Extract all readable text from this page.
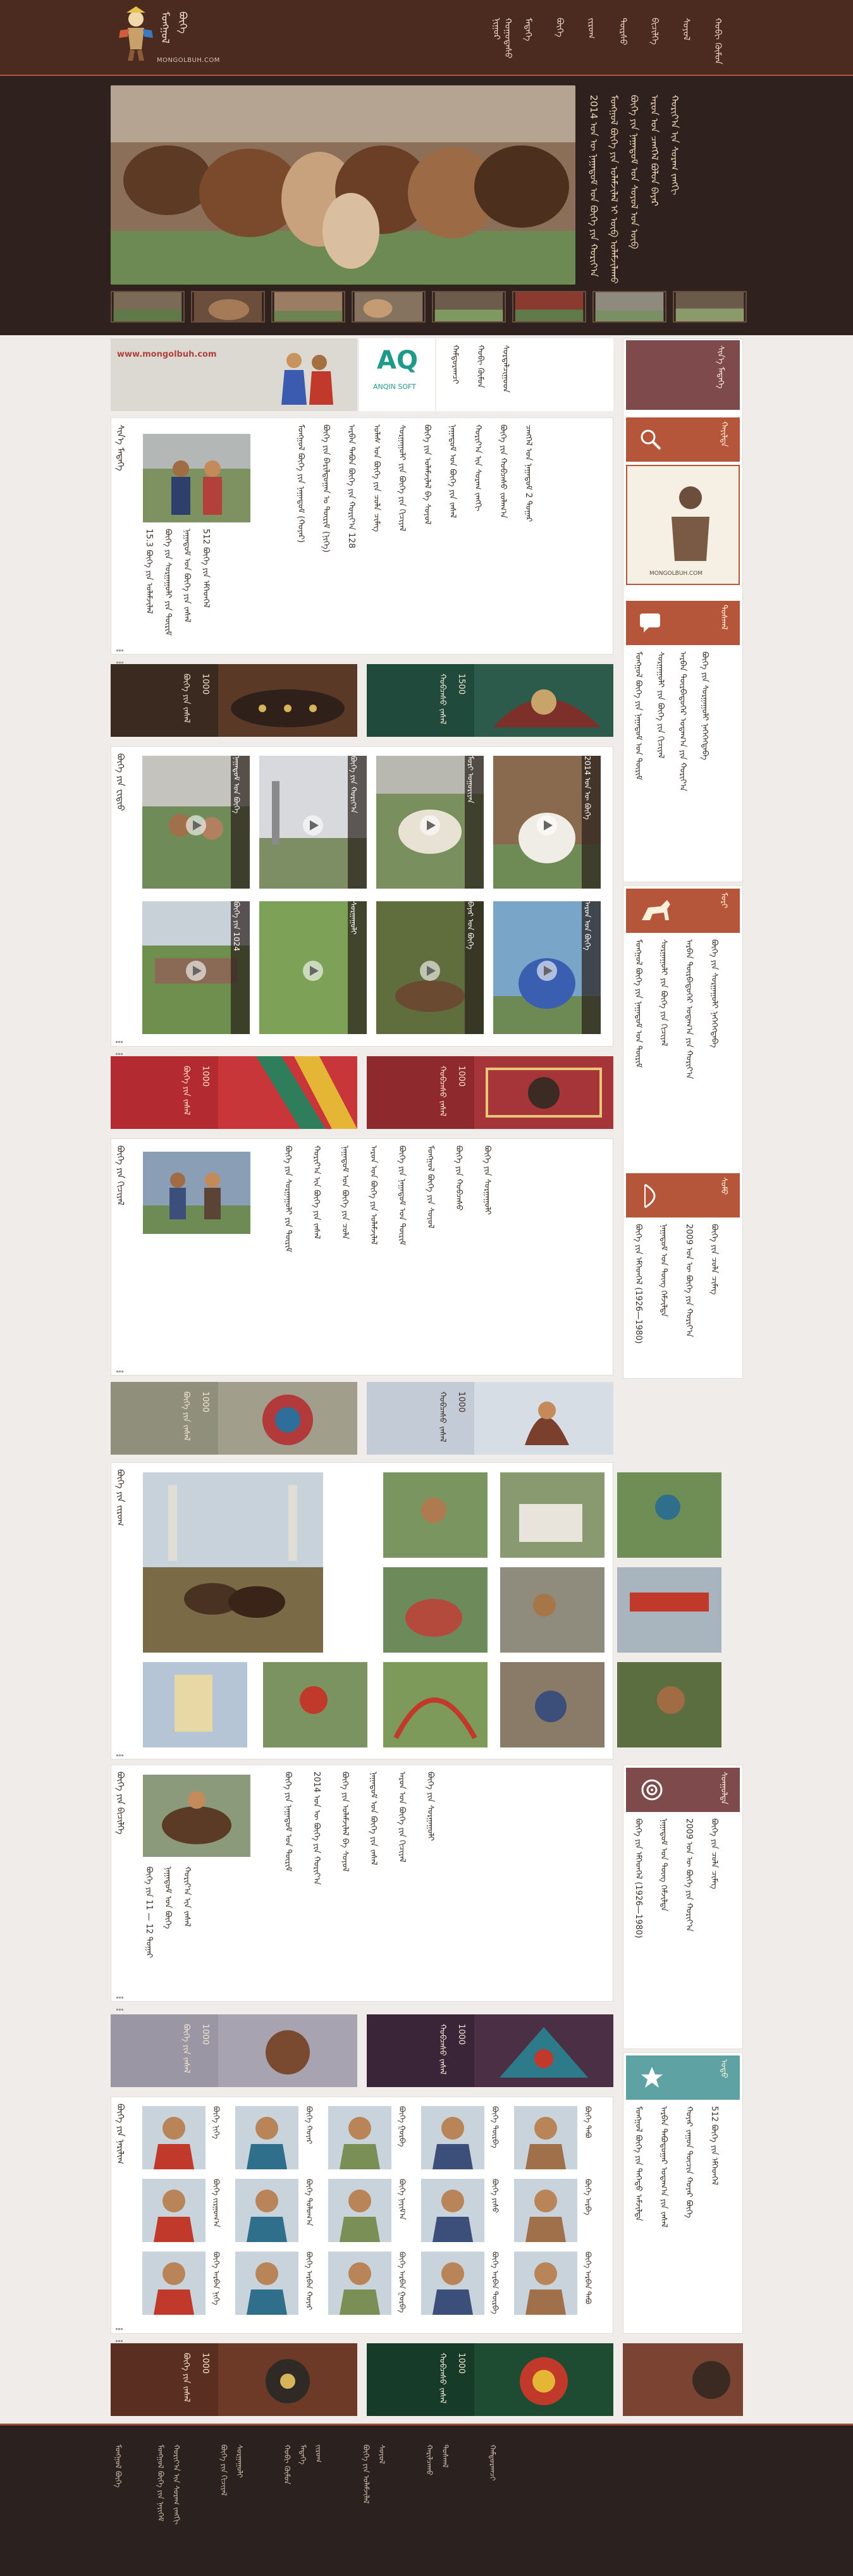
ᠮᠣᠩᠭᠣᠯ ᠪᠦᠬᠡ
MONGOLBUH.COM
ᠨᠢᠭᠤᠷ ᠬᠤᠭᠤᠳᠠᠰᠤ ᠮᠡᠳᠡᠭᠡ ᠪᠦᠬᠡ ᠵᠢᠷᠤᠭ ᠳᠦᠷᠰᠦ ᠪᠢᠴᠢᠯᠭᠡ ᠰᠤᠶᠤᠯ ᠬᠤᠪᠢ ᠬᠥᠮᠦᠨ
2014 ᠤᠨ ᠦ ᠨᠠᠭᠠᠳᠤᠮ ᠤᠨ ᠪᠦᠬᠡ ᠶᠢᠨ ᠬᠤᠷᠢᠶ᠎ᠠ ᠮᠣᠩᠭᠣᠯ ᠪᠦᠬᠡ ᠶᠢᠨ ᠤᠯᠠᠮᠵᠢᠯᠠᠯ ᠢ ᠥᠪ ᠤᠯᠠᠮᠵᠢᠯᠠᠬᠤ ᠪᠦᠬᠡ ᠶᠢᠨ ᠨᠠᠭᠠᠳᠤᠮ ᠤᠨ ᠰᠤᠶᠤᠯ ᠤᠨ ᠥᠪ ᠠᠷᠳ ᠤᠨ ᠴᠡᠩᠭᠡᠯ ᠪᠣᠯᠤᠨ ᠪᠠᠶᠠᠷ ᠬᠣᠷᠢᠶ᠎ᠠ ᠢᠨ ᠰᠤᠷᠠᠭ ᠵᠠᠩᠭᠢ
www.mongolbuh.com	AQ
ANQIN SOFT
ᠬᠠᠮᠲᠤᠷᠠᠭᠴᠢ ᠬᠤᠪᠢ ᠬᠥᠮᠦᠨ ᠰᠤᠷᠲᠠᠯᠴᠢᠭᠤᠳ
ᠰᠢᠨ᠎ᠡ ᠮᠡᠳᠡᠭᠡ
15.3 ᠪᠦᠬᠡ ᠶᠢᠨ ᠤᠯᠠᠮᠵᠢᠯᠠᠯ ᠪᠦᠬᠡ ᠶᠢᠨ ᠰᠤᠷᠭᠠᠭᠤᠯᠢ ᠶᠢᠨ ᠳᠦᠷᠢᠮ ᠨᠠᠭᠠᠳᠤᠮ ᠤᠨ ᠪᠦᠬᠡ ᠶᠢᠨ ᠵᠠᠰᠠᠯ 512 ᠪᠦᠬᠡ ᠶᠢᠨ ᠡᠮᠬᠡᠳᠬᠡᠯ
ᠮᠣᠩᠭᠣᠯ ᠪᠦᠬᠡ ᠶᠢᠨ ᠨᠠᠭᠠᠳᠤᠮ (ᠬᠣᠶᠠᠷ) ᠪᠦᠬᠡ ᠶᠢᠨ ᠪᠠᠷᠢᠯᠳᠤᠭᠠᠨ ᠤ ᠳᠦᠷᠢᠮ (ᠨᠢᠭᠡ) ᠠᠷᠪᠠᠨ ᠲᠠᠪᠤᠨ ᠪᠦᠬᠡ ᠶᠢᠨ ᠬᠤᠷᠢᠶ᠎ᠠ 128 ᠤᠯᠠᠰ ᠤᠨ ᠪᠦᠬᠡ ᠶᠢᠨ ᠴᠣᠯᠠ ᠴᠢᠮᠡᠭ ᠰᠤᠷᠭᠠᠭᠤᠯᠢ ᠶᠢᠨ ᠪᠦᠬᠡ ᠶᠢᠨ ᠬᠢᠴᠢᠶᠡᠯ ᠪᠦᠬᠡ ᠶᠢᠨ ᠤᠯᠠᠮᠵᠢᠯᠠᠯ ᠪᠠ ᠰᠤᠶᠤᠯ ᠨᠠᠭᠠᠳᠤᠮ ᠤᠨ ᠪᠦᠬᠡ ᠶᠢᠨ ᠵᠠᠰᠠᠯ ᠬᠣᠷᠢᠶ᠎ᠠ ᠢᠨ ᠰᠤᠷᠠᠭ ᠵᠠᠩᠭᠢ ᠪᠦᠬᠡ ᠶᠢᠨ ᠬᠤᠪᠴᠠᠰᠤ ᠵᠤᠯᠠᠭ᠎ᠠ ᠴᠡᠩᠭᠡᠯ ᠤᠨ ᠨᠠᠭᠠᠳᠤᠮ 2 ᠳᠤᠭᠠᠷ
ᠪᠦᠬᠡ ᠶᠢᠨ ᠵᠠᠰᠠᠯ 1000	ᠬᠤᠪᠴᠠᠰᠤ ᠵᠠᠰᠠᠯ 1500
ᠪᠦᠬᠡ ᠶᠢᠨ ᠸᠢᠳᠢᠣ	ᠨᠠᠭᠠᠳᠤᠮ ᠤᠨ ᠪᠦᠬᠡ	ᠪᠦᠬᠡ ᠶᠢᠨ ᠬᠤᠷᠢᠶ᠎ᠠ	ᠮᠣᠷᠢ ᠤᠭᠤᠷᠢᠶᠠᠨ	2014 ᠤᠨ ᠦ ᠪᠦᠬᠡ
ᠪᠦᠬᠡ ᠶᠢᠨ 1024	ᠰᠤᠷᠭᠠᠭᠤᠯᠢ	ᠪᠠᠶᠠᠷ ᠤᠨ ᠪᠦᠬᠡ	ᠠᠷᠳ ᠤᠨ ᠪᠦᠬᠡ
ᠪᠦᠬᠡ ᠶᠢᠨ ᠵᠠᠰᠠᠯ 1000	ᠬᠤᠪᠴᠠᠰᠤ ᠵᠠᠰᠠᠯ 1000
ᠪᠦᠬᠡ ᠶᠢᠨ ᠬᠢᠴᠢᠶᠡᠯ	ᠪᠦᠬᠡ ᠶᠢᠨ ᠰᠤᠷᠭᠠᠭᠤᠯᠢ ᠶᠢᠨ ᠳᠦᠷᠢᠮ ᠬᠣᠷᠢᠶ᠎ᠠ ᠢᠨ ᠪᠦᠬᠡ ᠶᠢᠨ ᠵᠠᠰᠠᠯ ᠨᠠᠭᠠᠳᠤᠮ ᠤᠨ ᠪᠦᠬᠡ ᠶᠢᠨ ᠴᠣᠯᠠ ᠠᠷᠳ ᠤᠨ ᠪᠦᠬᠡ ᠶᠢᠨ ᠤᠯᠠᠮᠵᠢᠯᠠᠯ ᠪᠦᠬᠡ ᠶᠢᠨ ᠨᠠᠭᠠᠳᠤᠮ ᠤᠨ ᠳᠦᠷᠢᠮ ᠮᠣᠩᠭᠣᠯ ᠪᠦᠬᠡ ᠶᠢᠨ ᠰᠤᠶᠤᠯ ᠪᠦᠬᠡ ᠶᠢᠨ ᠬᠤᠪᠴᠠᠰᠤ ᠪᠦᠬᠡ ᠶᠢᠨ ᠰᠤᠷᠭᠠᠭᠤᠯᠢ
ᠪᠦᠬᠡ ᠶᠢᠨ ᠵᠠᠰᠠᠯ 1000	ᠬᠤᠪᠴᠠᠰᠤ ᠵᠠᠰᠠᠯ 1000
ᠪᠦᠬᠡ ᠶᠢᠨ ᠵᠢᠷᠤᠭ
ᠪᠦᠬᠡ ᠶᠢᠨ ᠪᠢᠴᠢᠯᠭᠡ
ᠪᠦᠬᠡ ᠶᠢᠨ 11 — 12 ᠳᠤᠭᠠᠷ ᠨᠠᠭᠠᠳᠤᠮ ᠤᠨ ᠪᠦᠬᠡ ᠬᠣᠷᠢᠶ᠎ᠠ ᠢᠨ ᠵᠠᠰᠠᠯ
ᠪᠦᠬᠡ ᠶᠢᠨ ᠨᠠᠭᠠᠳᠤᠮ ᠤᠨ ᠳᠦᠷᠢᠮ 2014 ᠤᠨ ᠦ ᠪᠦᠬᠡ ᠶᠢᠨ ᠬᠤᠷᠢᠶ᠎ᠠ ᠪᠦᠬᠡ ᠶᠢᠨ ᠤᠯᠠᠮᠵᠢᠯᠠᠯ ᠪᠠ ᠰᠤᠶᠤᠯ ᠨᠠᠭᠠᠳᠤᠮ ᠤᠨ ᠪᠦᠬᠡ ᠶᠢᠨ ᠵᠠᠰᠠᠯ ᠠᠷᠳ ᠤᠨ ᠪᠦᠬᠡ ᠶᠢᠨ ᠬᠢᠴᠢᠶᠡᠯ ᠪᠦᠬᠡ ᠶᠢᠨ ᠰᠤᠷᠭᠠᠭᠤᠯᠢ
ᠪᠦᠬᠡ ᠶᠢᠨ ᠵᠠᠰᠠᠯ 1000	ᠬᠤᠪᠴᠠᠰᠤ ᠵᠠᠰᠠᠯ 1000
ᠪᠦᠬᠡ ᠶᠢᠨ ᠨᠠᠷᠢᠯᠢᠭ	ᠪᠦᠬᠡ ᠨᠢᠭᠡ	ᠪᠦᠬᠡ ᠬᠣᠶᠠᠷ	ᠪᠦᠬᠡ ᠭᠤᠷᠪᠠ	ᠪᠦᠬᠡ ᠳᠥᠷᠪᠡ	ᠪᠦᠬᠡ ᠲᠠᠪᠤ
ᠪᠦᠬᠡ ᠵᠢᠷᠭᠤᠭ᠎ᠠ	ᠪᠦᠬᠡ ᠳᠣᠯᠤᠭ᠎ᠠ	ᠪᠦᠬᠡ ᠨᠠᠶᠢᠮ᠎ᠠ	ᠪᠦᠬᠡ ᠶᠢᠰᠦ	ᠪᠦᠬᠡ ᠠᠷᠪᠠ
ᠪᠦᠬᠡ ᠠᠷᠪᠠᠨ ᠨᠢᠭᠡ	ᠪᠦᠬᠡ ᠠᠷᠪᠠᠨ ᠬᠣᠶᠠᠷ	ᠪᠦᠬᠡ ᠠᠷᠪᠠᠨ ᠭᠤᠷᠪᠠ	ᠪᠦᠬᠡ ᠠᠷᠪᠠᠨ ᠳᠥᠷᠪᠡ	ᠪᠦᠬᠡ ᠠᠷᠪᠠᠨ ᠲᠠᠪᠤ
ᠪᠦᠬᠡ ᠶᠢᠨ ᠵᠠᠰᠠᠯ 1000	ᠬᠤᠪᠴᠠᠰᠤ ᠵᠠᠰᠠᠯ 1000
ᠰᠢᠨ᠎ᠡ ᠮᠡᠳᠡᠭᠡ
ᠬᠠᠶᠢᠯᠲᠠ
MONGOLBUH.COM
ᠲᠤᠰᠬᠠᠯ
ᠮᠣᠩᠭᠣᠯ ᠪᠦᠬᠡ ᠶᠢᠨ ᠨᠠᠭᠠᠳᠤᠮ ᠤᠨ ᠳᠦᠷᠢᠮ ᠰᠤᠷᠭᠠᠭᠤᠯᠢ ᠶᠢᠨ ᠪᠦᠬᠡ ᠶᠢᠨ ᠬᠢᠴᠢᠶᠡᠯ ᠠᠷᠪᠠᠨ ᠳᠥᠷᠪᠡᠳᠦᠭᠡᠷ ᠤᠳᠠᠭ᠎ᠠ ᠶᠢᠨ ᠬᠤᠷᠢᠶ᠎ᠠ ᠪᠦᠬᠡ ᠶᠢᠨ ᠰᠤᠷᠭᠠᠭᠤᠯᠢ ᠨᠡᠭᠡᠭᠡᠭᠳᠡᠪᠡ
ᠮᠣᠷᠢ
ᠮᠣᠩᠭᠣᠯ ᠪᠦᠬᠡ ᠶᠢᠨ ᠨᠠᠭᠠᠳᠤᠮ ᠤᠨ ᠳᠦᠷᠢᠮ ᠰᠤᠷᠭᠠᠭᠤᠯᠢ ᠶᠢᠨ ᠪᠦᠬᠡ ᠶᠢᠨ ᠬᠢᠴᠢᠶᠡᠯ ᠠᠷᠪᠠᠨ ᠳᠥᠷᠪᠡᠳᠦᠭᠡᠷ ᠤᠳᠠᠭ᠎ᠠ ᠶᠢᠨ ᠬᠤᠷᠢᠶ᠎ᠠ ᠪᠦᠬᠡ ᠶᠢᠨ ᠰᠤᠷᠭᠠᠭᠤᠯᠢ ᠨᠡᠭᠡᠭᠡᠭᠳᠡᠪᠡ
ᠰᠤᠮᠤ
ᠪᠦᠬᠡ ᠶᠢᠨ ᠡᠮᠬᠡᠳᠬᠡᠯ (1926—1980) ᠨᠠᠭᠠᠳᠤᠮ ᠤᠨ ᠳᠦᠩ ᠬᠡᠮᠵᠢᠯᠲᠡ 2009 ᠤᠨ ᠦ ᠪᠦᠬᠡ ᠶᠢᠨ ᠬᠤᠷᠢᠶ᠎ᠠ ᠪᠦᠬᠡ ᠶᠢᠨ ᠴᠣᠯᠠ ᠴᠢᠮᠡᠭ
ᠰᠤᠨᠭᠤᠯᠲᠠ
ᠪᠦᠬᠡ ᠶᠢᠨ ᠡᠮᠬᠡᠳᠬᠡᠯ (1926—1980) ᠨᠠᠭᠠᠳᠤᠮ ᠤᠨ ᠳᠦᠩ ᠬᠡᠮᠵᠢᠯᠲᠡ 2009 ᠤᠨ ᠦ ᠪᠦᠬᠡ ᠶᠢᠨ ᠬᠤᠷᠢᠶ᠎ᠠ ᠪᠦᠬᠡ ᠶᠢᠨ ᠴᠣᠯᠠ ᠴᠢᠮᠡᠭ
ᠣᠳᠤ
ᠮᠣᠩᠭᠣᠯ ᠪᠦᠬᠡ ᠶᠢᠨ ᠳᠡᠭᠡᠳᠦ ᠠᠮᠵᠢᠯᠲᠠ ᠠᠷᠪᠠᠨ ᠲᠠᠪᠤᠳᠤᠭᠠᠷ ᠤᠳᠠᠭ᠎ᠠ ᠶᠢᠨ ᠵᠠᠰᠠᠯ ᠬᠣᠶᠠᠷ ᠵᠠᠭᠤᠨ ᠳᠥᠴᠢᠨ ᠬᠣᠶᠠᠷ ᠪᠦᠬᠡ 512 ᠪᠦᠬᠡ ᠶᠢᠨ ᠡᠮᠬᠡᠳᠬᠡᠯ
ᠮᠣᠩᠭᠣᠯ ᠪᠦᠬᠡ	ᠮᠣᠩᠭᠣᠯ ᠪᠦᠬᠡ ᠶᠢᠨ ᠨᠡᠶᠢᠭᠡᠮ ᠬᠣᠷᠢᠶ᠎ᠠ ᠢᠨ ᠰᠤᠷᠠᠭ ᠵᠠᠩᠭᠢ	ᠪᠦᠬᠡ ᠶᠢᠨ ᠬᠢᠴᠢᠶᠡᠯ ᠰᠤᠷᠭᠠᠭᠤᠯᠢ	ᠬᠤᠪᠢ ᠬᠥᠮᠦᠨ ᠮᠡᠳᠡᠭᠡ ᠵᠢᠷᠤᠭ	ᠪᠦᠬᠡ ᠶᠢᠨ ᠤᠯᠠᠮᠵᠢᠯᠠᠯ ᠰᠤᠶᠤᠯ	ᠬᠠᠷᠢᠯᠴᠠᠬᠤ ᠲᠤᠰᠬᠠᠯ	ᠬᠠᠮᠲᠤᠷᠠᠭᠴᠢ
